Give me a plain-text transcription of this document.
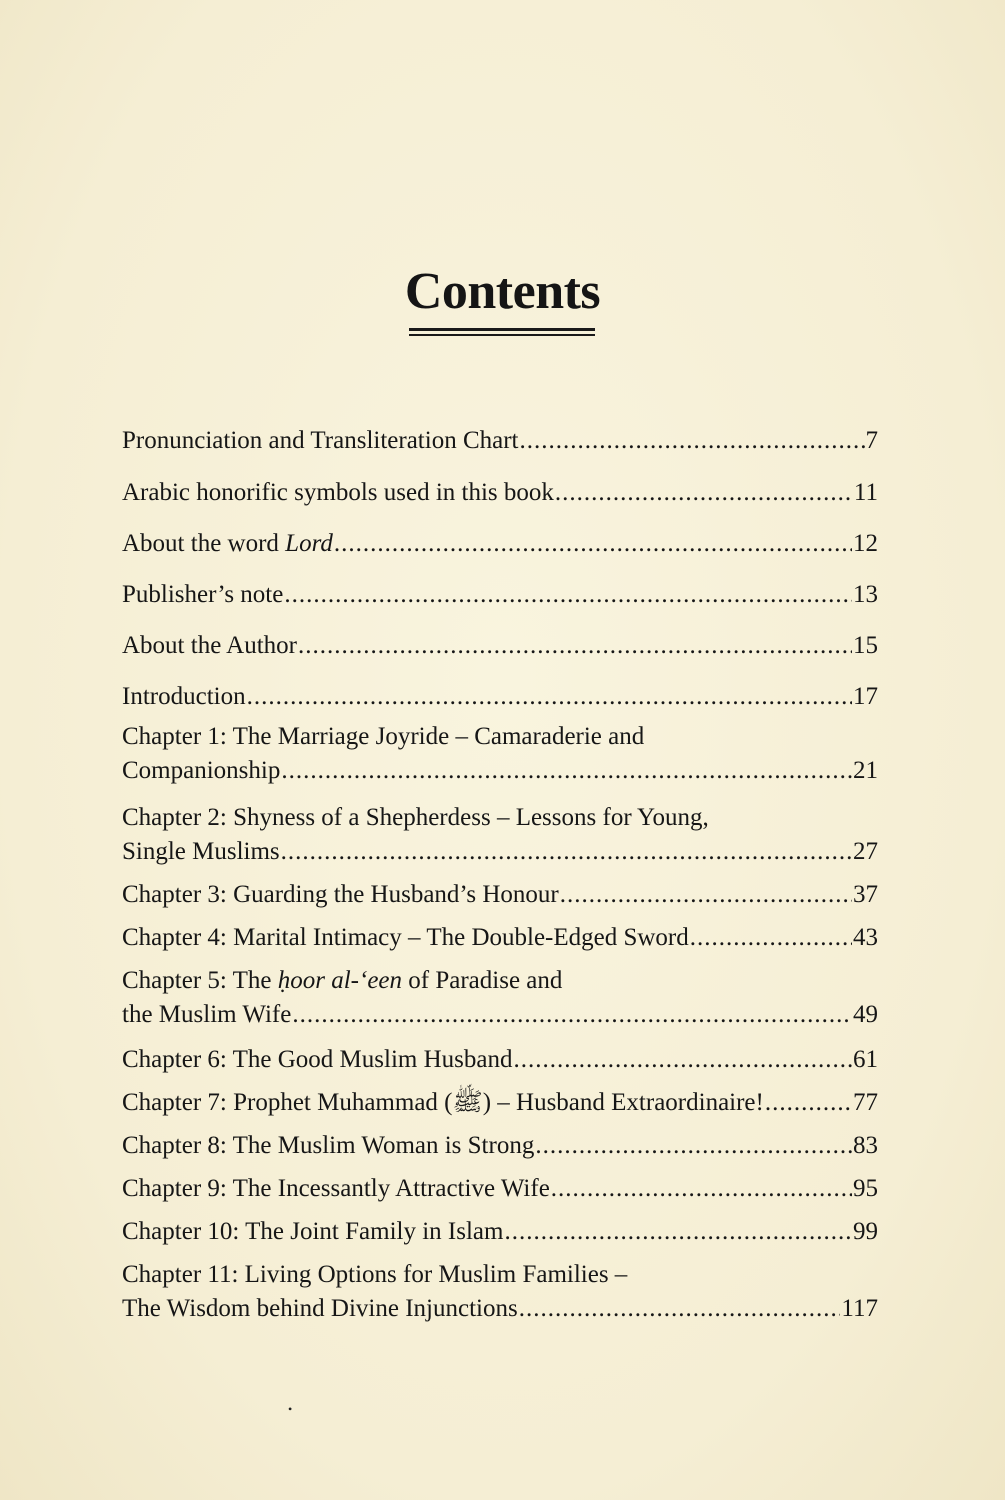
Contents
Pronunciation and Transliteration Chart .....	7
Arabic honorific symbols used in this book .....	11
About the word Lord .....	12
Publisher’s note .....	13
About the Author .....	15
Introduction .....	17
Chapter 1: The Marriage Joyride – Camaraderie and
Companionship .....	21
Chapter 2: Shyness of a Shepherdess – Lessons for Young,
Single Muslims .....	27
Chapter 3: Guarding the Husband’s Honour .....	37
Chapter 4: Marital Intimacy – The Double-Edged Sword .....	43
Chapter 5: The ḥoor al-‘een of Paradise and
the Muslim Wife .....	49
Chapter 6: The Good Muslim Husband .....	61
Chapter 7: Prophet Muhammad (ﷺ) – Husband Extraordinaire! .....	77
Chapter 8: The Muslim Woman is Strong .....	83
Chapter 9: The Incessantly Attractive Wife .....	95
Chapter 10: The Joint Family in Islam .....	99
Chapter 11: Living Options for Muslim Families –
The Wisdom behind Divine Injunctions .....	117
•
